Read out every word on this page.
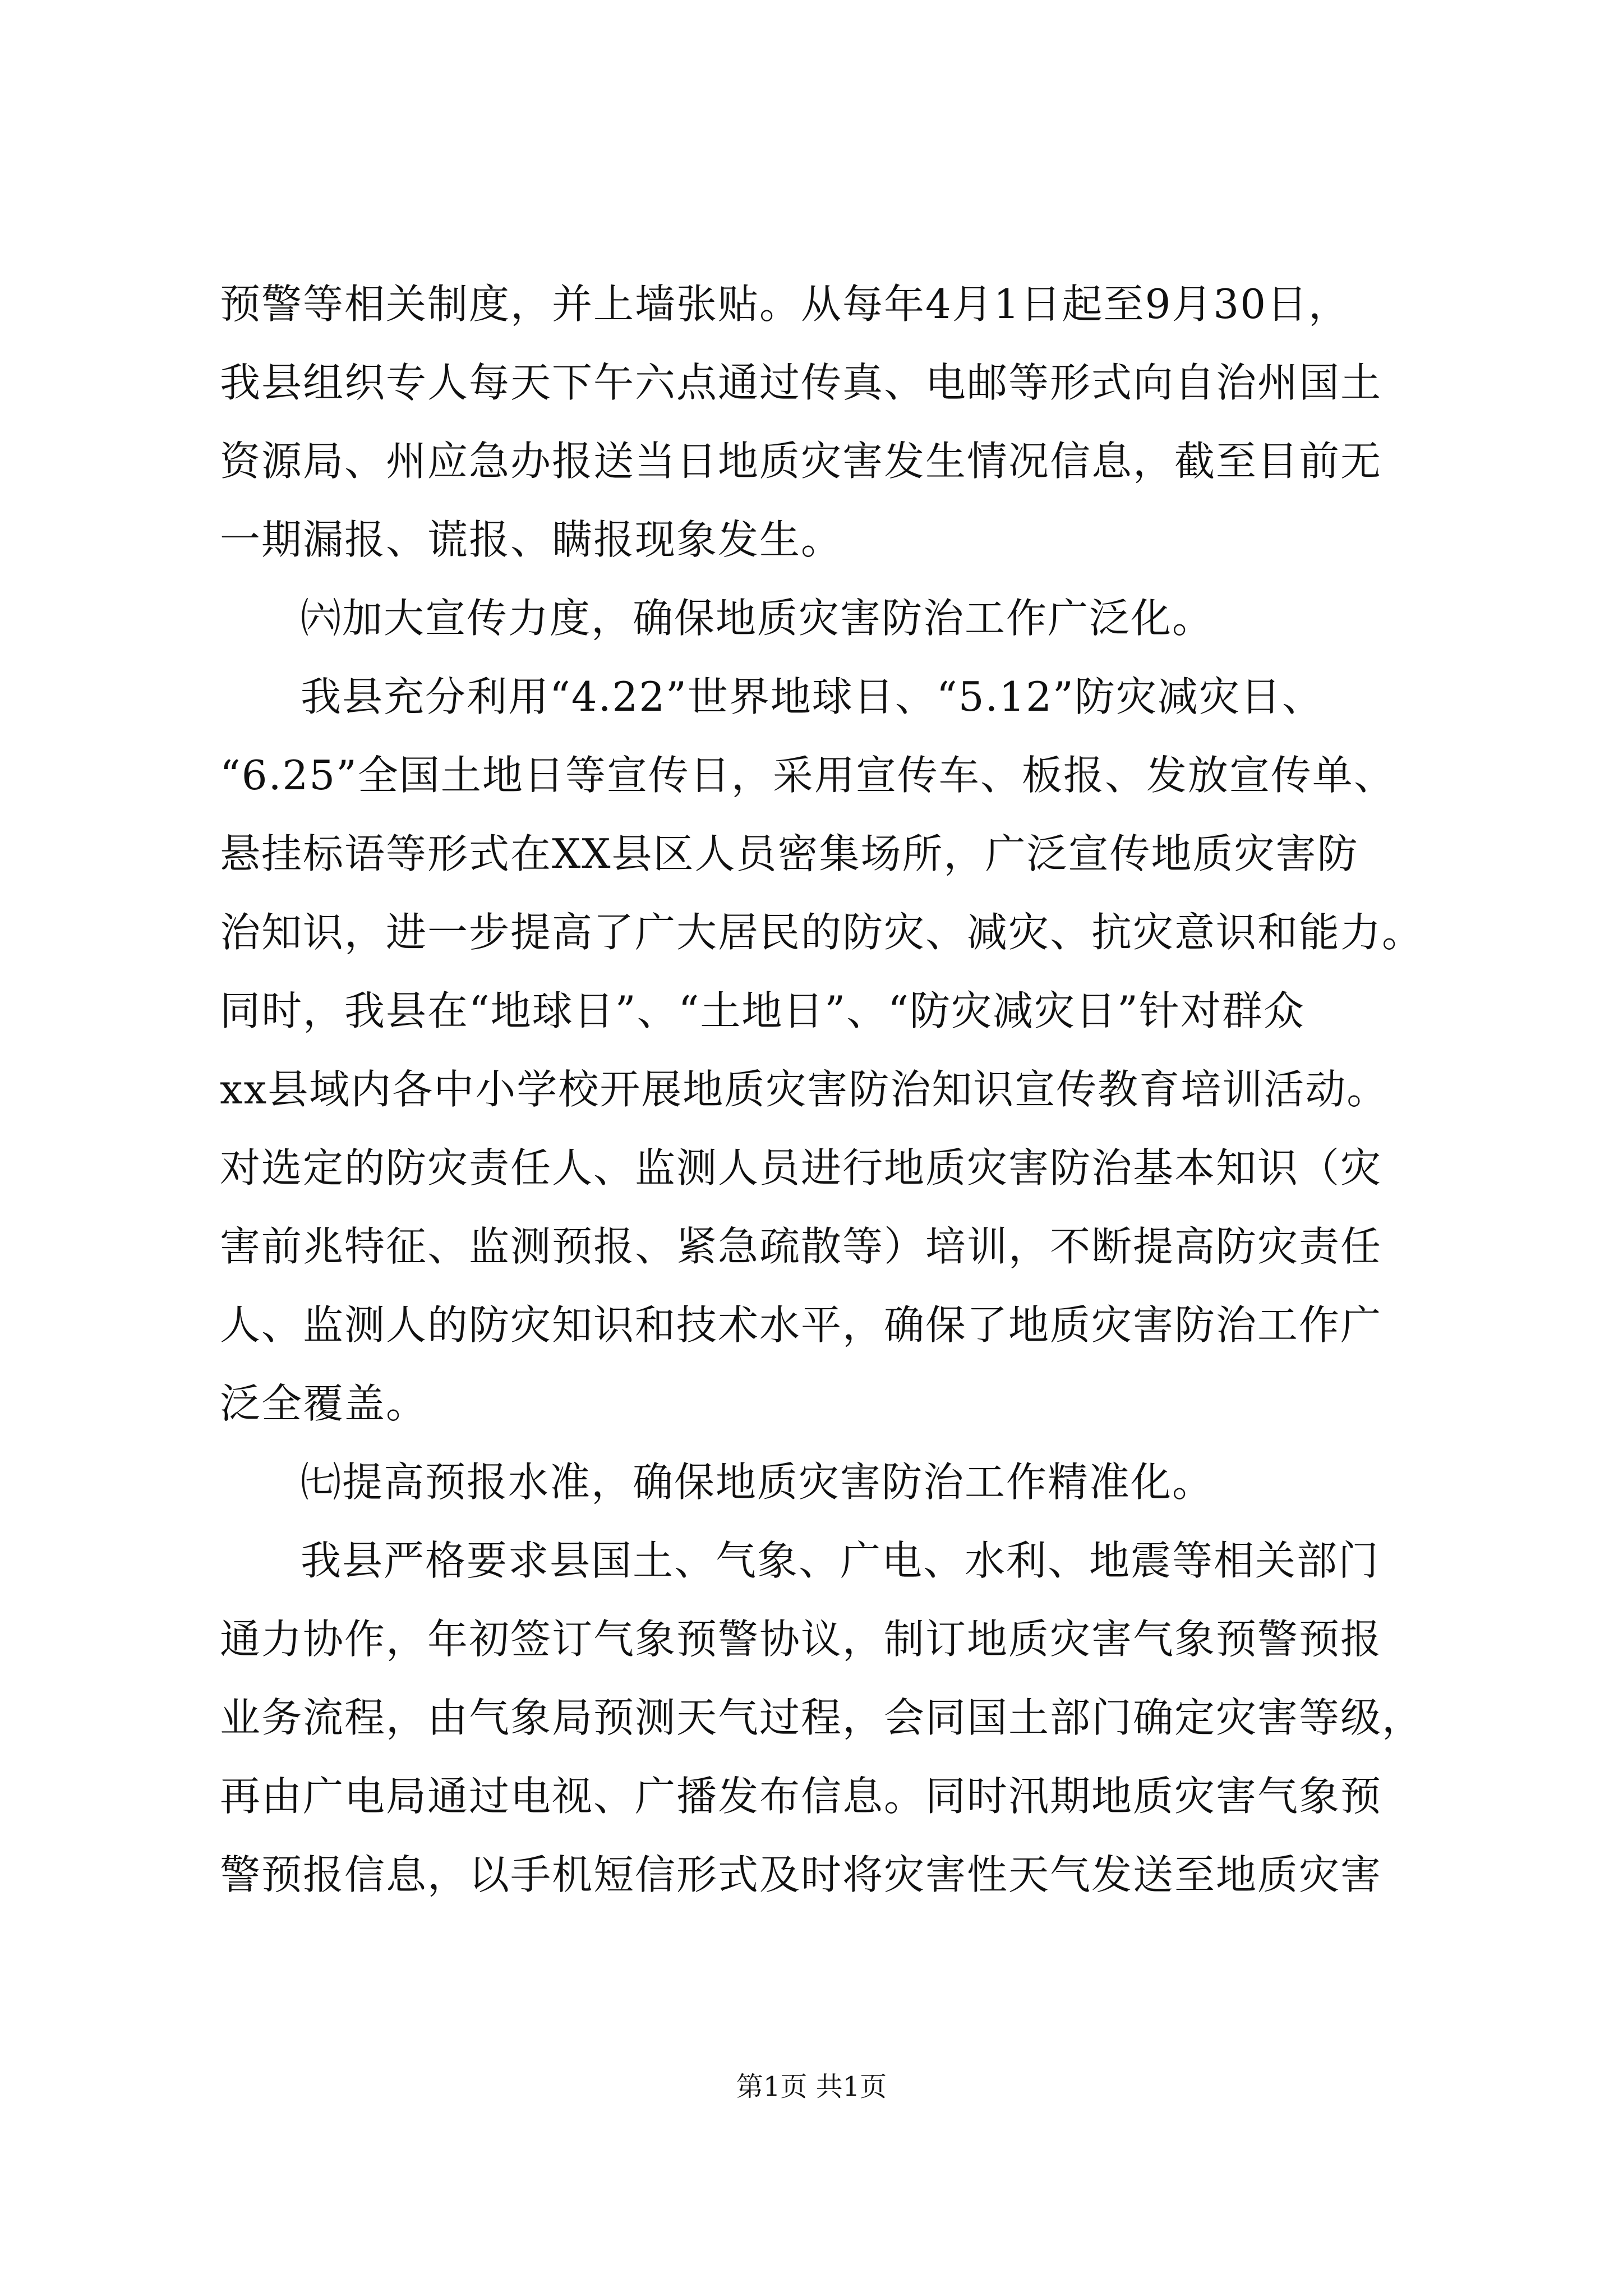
预警等相关制度，并上墙张贴。从每年4月1日起至9月30日，
我县组织专人每天下午六点通过传真、电邮等形式向自治州国土
资源局、州应急办报送当日地质灾害发生情况信息，截至目前无
一期漏报、谎报、瞒报现象发生。
㈥加大宣传力度，确保地质灾害防治工作广泛化。
我县充分利用“4.22”世界地球日、“5.12”防灾减灾日、
“6.25”全国土地日等宣传日，采用宣传车、板报、发放宣传单、
悬挂标语等形式在XX县区人员密集场所，广泛宣传地质灾害防
治知识，进一步提高了广大居民的防灾、减灾、抗灾意识和能力。
同时，我县在“地球日”、“土地日”、“防灾减灾日”针对群众
xx县域内各中小学校开展地质灾害防治知识宣传教育培训活动。
对选定的防灾责任人、监测人员进行地质灾害防治基本知识（灾
害前兆特征、监测预报、紧急疏散等）培训，不断提高防灾责任
人、监测人的防灾知识和技术水平，确保了地质灾害防治工作广
泛全覆盖。
㈦提高预报水准，确保地质灾害防治工作精准化。
我县严格要求县国土、气象、广电、水利、地震等相关部门
通力协作，年初签订气象预警协议，制订地质灾害气象预警预报
业务流程，由气象局预测天气过程，会同国土部门确定灾害等级，
再由广电局通过电视、广播发布信息。同时汛期地质灾害气象预
警预报信息，以手机短信形式及时将灾害性天气发送至地质灾害
第1页 共1页
